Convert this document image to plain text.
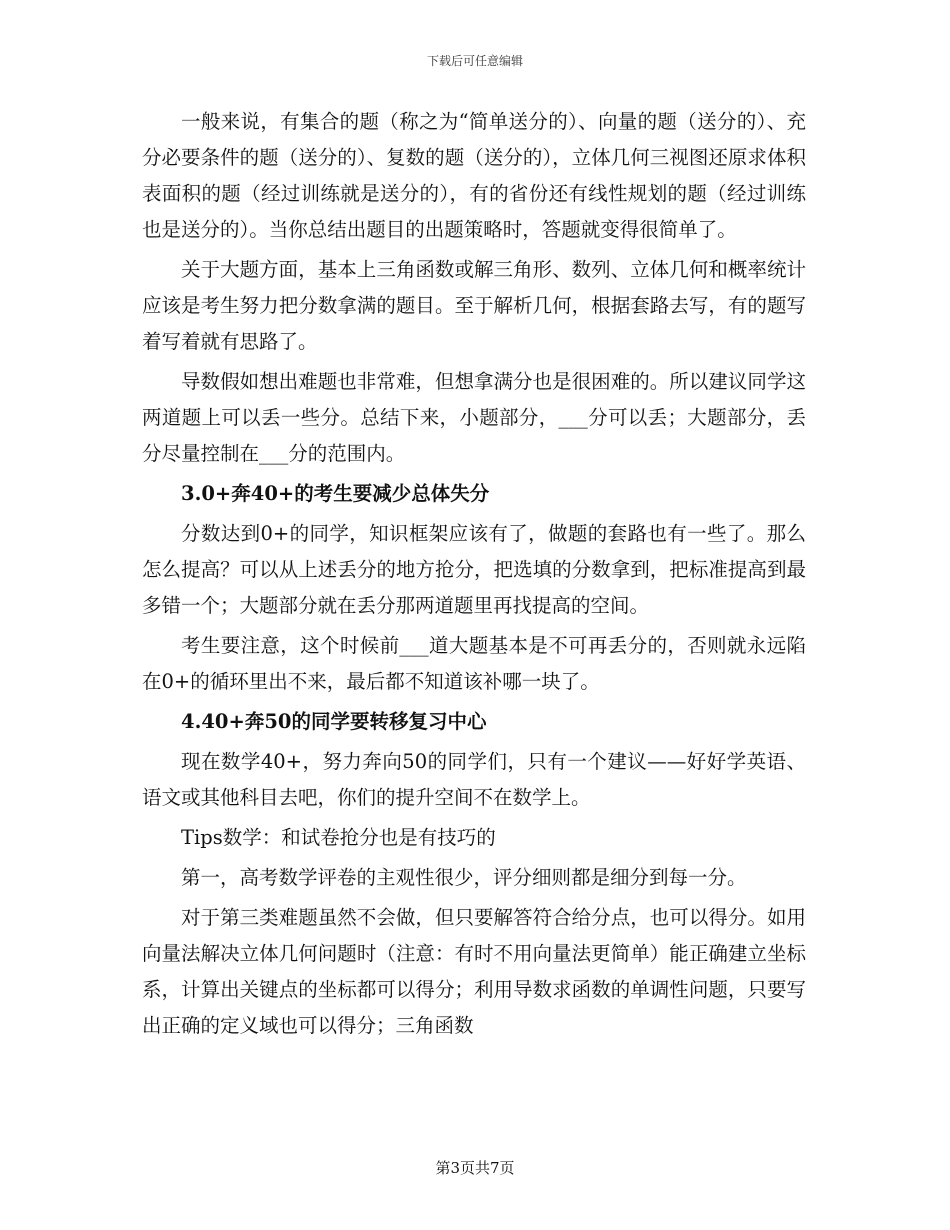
下载后可任意编辑

一般来说，有集合的题（称之为“简单送分的）、向量的题（送分的）、充分必要条件的题（送分的）、复数的题（送分的），立体几何三视图还原求体积表面积的题（经过训练就是送分的），有的省份还有线性规划的题（经过训练也是送分的）。当你总结出题目的出题策略时，答题就变得很简单了。

关于大题方面，基本上三角函数或解三角形、数列、立体几何和概率统计应该是考生努力把分数拿满的题目。至于解析几何，根据套路去写，有的题写着写着就有思路了。

导数假如想出难题也非常难，但想拿满分也是很困难的。所以建议同学这两道题上可以丢一些分。总结下来，小题部分，___分可以丢；大题部分，丢分尽量控制在___分的范围内。

3.0+奔40+的考生要减少总体失分

分数达到0+的同学，知识框架应该有了，做题的套路也有一些了。那么怎么提高？可以从上述丢分的地方抢分，把选填的分数拿到，把标准提高到最多错一个；大题部分就在丢分那两道题里再找提高的空间。

考生要注意，这个时候前___道大题基本是不可再丢分的，否则就永远陷在0+的循环里出不来，最后都不知道该补哪一块了。

4.40+奔50的同学要转移复习中心

现在数学40+，努力奔向50的同学们，只有一个建议——好好学英语、语文或其他科目去吧，你们的提升空间不在数学上。

Tips数学：和试卷抢分也是有技巧的

第一，高考数学评卷的主观性很少，评分细则都是细分到每一分。

对于第三类难题虽然不会做，但只要解答符合给分点，也可以得分。如用向量法解决立体几何问题时（注意：有时不用向量法更简单）能正确建立坐标系，计算出关键点的坐标都可以得分；利用导数求函数的单调性问题，只要写出正确的定义域也可以得分；三角函数

第3页共7页
